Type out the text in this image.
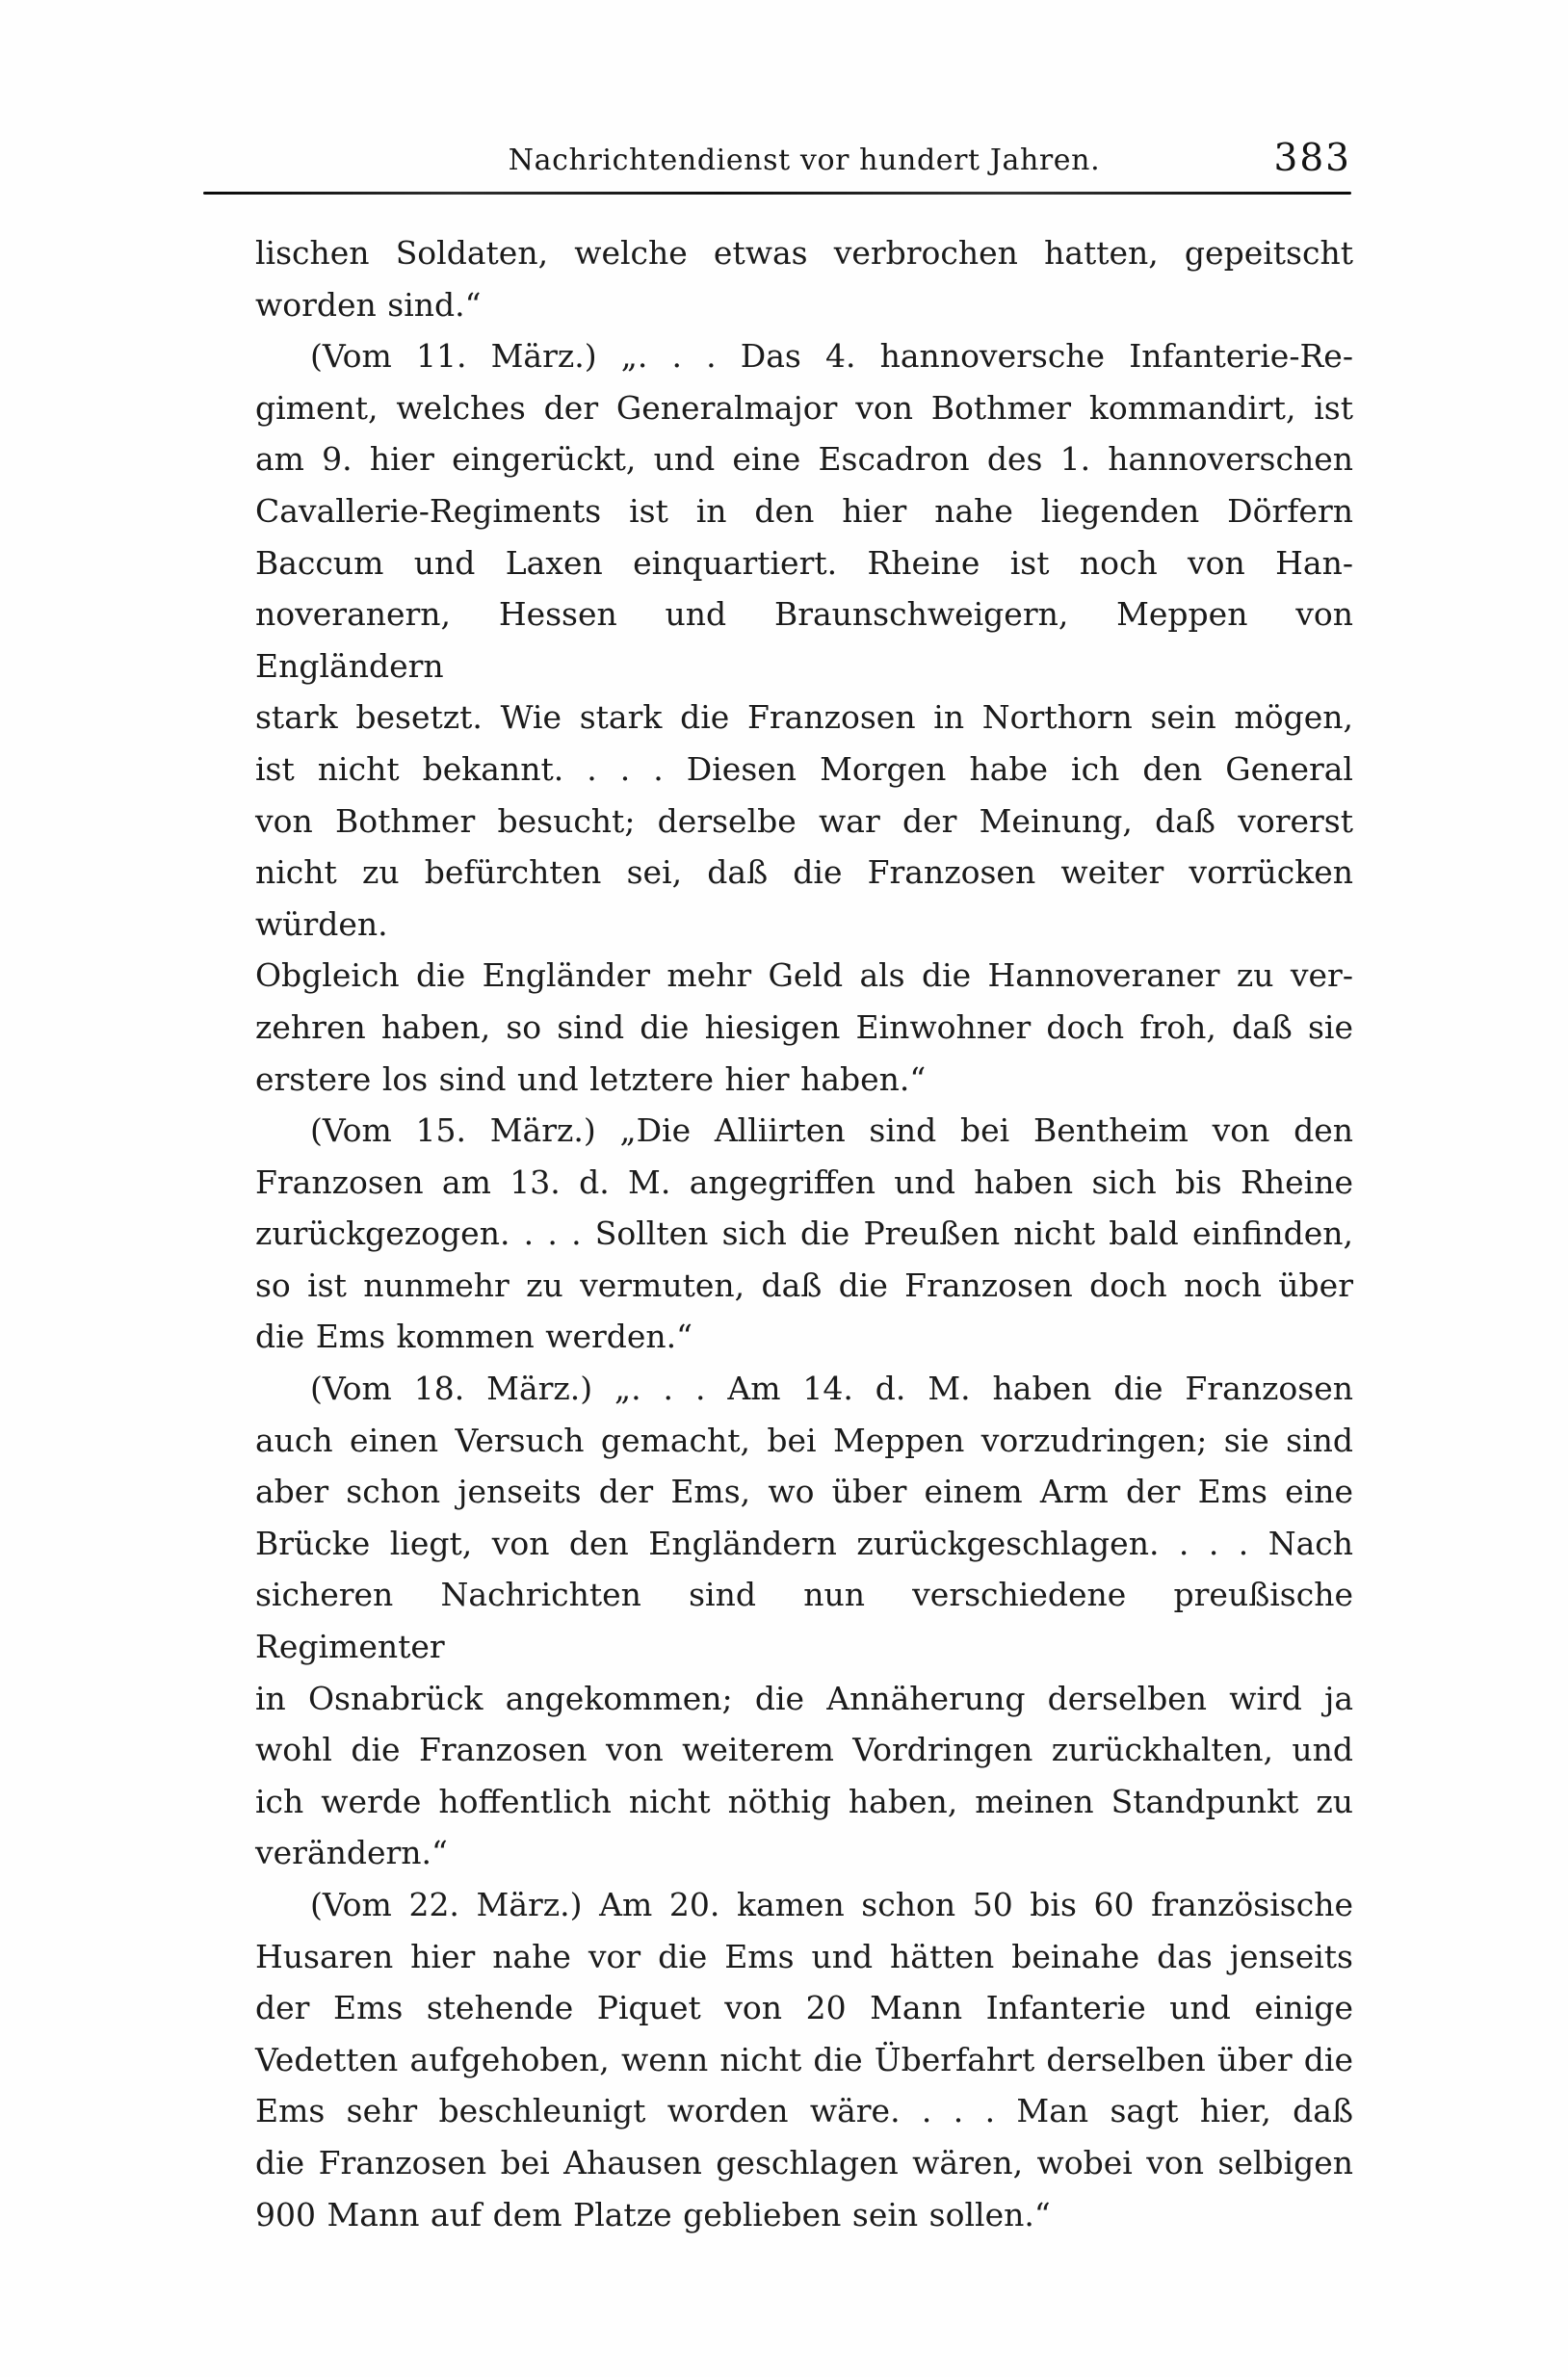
Nachrichtendienst vor hundert Jahren.	383

lischen Soldaten, welche etwas verbrochen hatten, gepeitscht
worden sind.“

(Vom 11. März.) „. . . Das 4. hannoversche Infanterie-Re-
giment, welches der Generalmajor von Bothmer kommandirt, ist
am 9. hier eingerückt, und eine Escadron des 1. hannoverschen
Cavallerie-Regiments ist in den hier nahe liegenden Dörfern
Baccum und Laxen einquartiert. Rheine ist noch von Han-
noveranern, Hessen und Braunschweigern, Meppen von Engländern
stark besetzt. Wie stark die Franzosen in Northorn sein mögen,
ist nicht bekannt. . . . Diesen Morgen habe ich den General
von Bothmer besucht; derselbe war der Meinung, daß vorerst
nicht zu befürchten sei, daß die Franzosen weiter vorrücken würden.
Obgleich die Engländer mehr Geld als die Hannoveraner zu ver-
zehren haben, so sind die hiesigen Einwohner doch froh, daß sie
erstere los sind und letztere hier haben.“

(Vom 15. März.) „Die Alliirten sind bei Bentheim von den
Franzosen am 13. d. M. angegriffen und haben sich bis Rheine
zurückgezogen. . . . Sollten sich die Preußen nicht bald einfinden,
so ist nunmehr zu vermuten, daß die Franzosen doch noch über
die Ems kommen werden.“

(Vom 18. März.) „. . . Am 14. d. M. haben die Franzosen
auch einen Versuch gemacht, bei Meppen vorzudringen; sie sind
aber schon jenseits der Ems, wo über einem Arm der Ems eine
Brücke liegt, von den Engländern zurückgeschlagen. . . . Nach
sicheren Nachrichten sind nun verschiedene preußische Regimenter
in Osnabrück angekommen; die Annäherung derselben wird ja
wohl die Franzosen von weiterem Vordringen zurückhalten, und
ich werde hoffentlich nicht nöthig haben, meinen Standpunkt zu
verändern.“

(Vom 22. März.) Am 20. kamen schon 50 bis 60 französische
Husaren hier nahe vor die Ems und hätten beinahe das jenseits
der Ems stehende Piquet von 20 Mann Infanterie und einige
Vedetten aufgehoben, wenn nicht die Überfahrt derselben über die
Ems sehr beschleunigt worden wäre. . . . Man sagt hier, daß
die Franzosen bei Ahausen geschlagen wären, wobei von selbigen
900 Mann auf dem Platze geblieben sein sollen.“
